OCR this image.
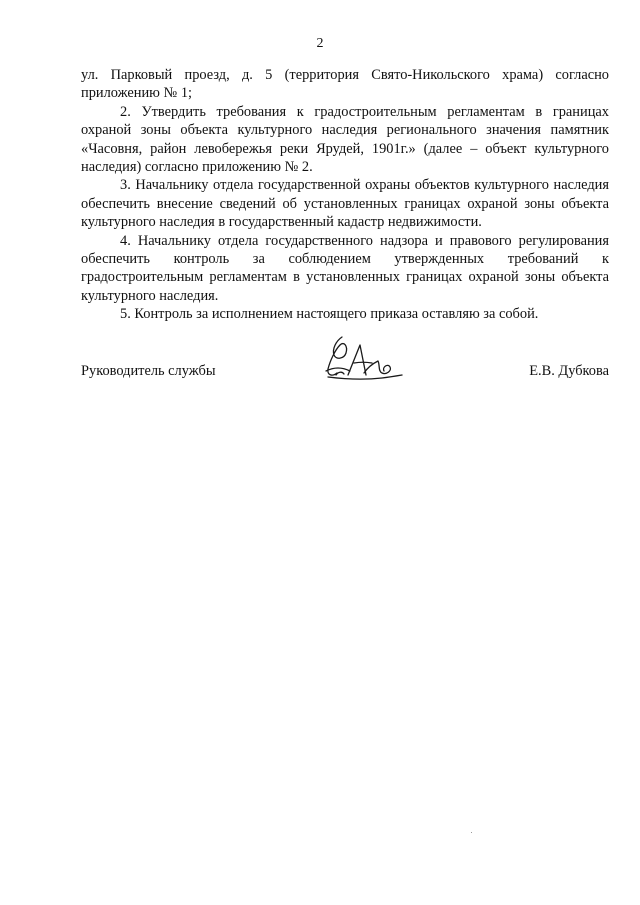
2

ул. Парковый проезд, д. 5 (территория Свято-Никольского храма) согласно приложению № 1;

2. Утвердить требования к градостроительным регламентам в границах охраной зоны объекта культурного наследия регионального значения памятник «Часовня, район левобережья реки Ярудей, 1901г.» (далее – объект культурного наследия) согласно приложению № 2.

3. Начальнику отдела государственной охраны объектов культурного наследия обеспечить внесение сведений об установленных границах охраной зоны объекта культурного наследия в государственный кадастр недвижимости.

4. Начальнику отдела государственного надзора и правового регулирования обеспечить контроль за соблюдением утвержденных требований к градостроительным регламентам в установленных границах охраной зоны объекта культурного наследия.

5. Контроль за исполнением настоящего приказа оставляю за собой.

Руководитель службы	Е.В. Дубкова
